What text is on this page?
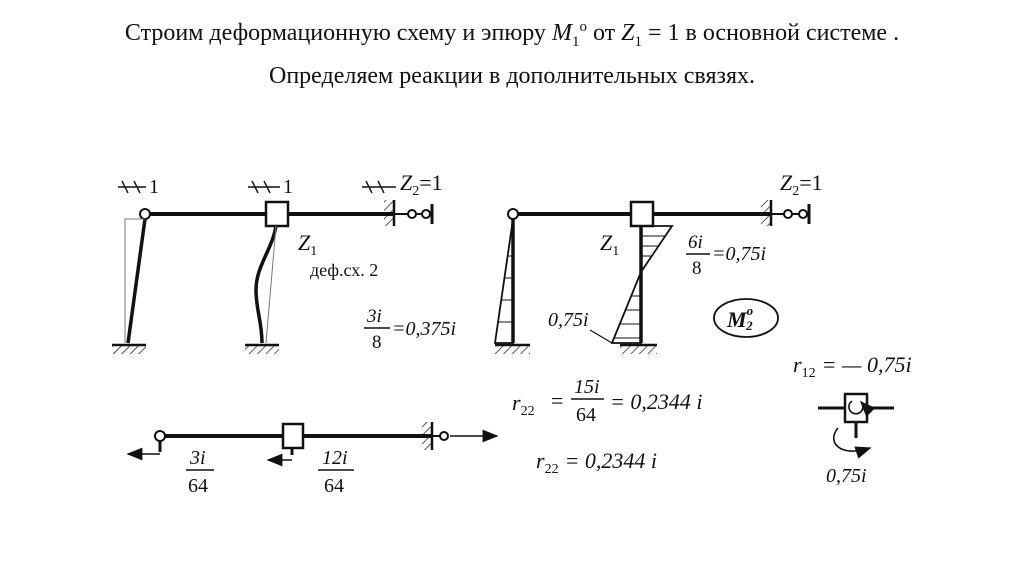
Строим деформационную схему и эпюру $M_1^о$ от $Z_1 = 1$ в основной системе .
Определяем реакции в дополнительных связях.
1	1	$Z_2=1$
$Z_1$
деф.сх. 2
$Z_2=1$
$Z_1$	6i
8
=0,75i
3i
8
=0,375i	0,75i	$M^o$ 2
3i
64
12i
64
$r_{22}$ =
15i
64
= 0,2344 i
$r_{22} = 0,2344$ i
$r_{12}$ = — 0,75i
0,75i
